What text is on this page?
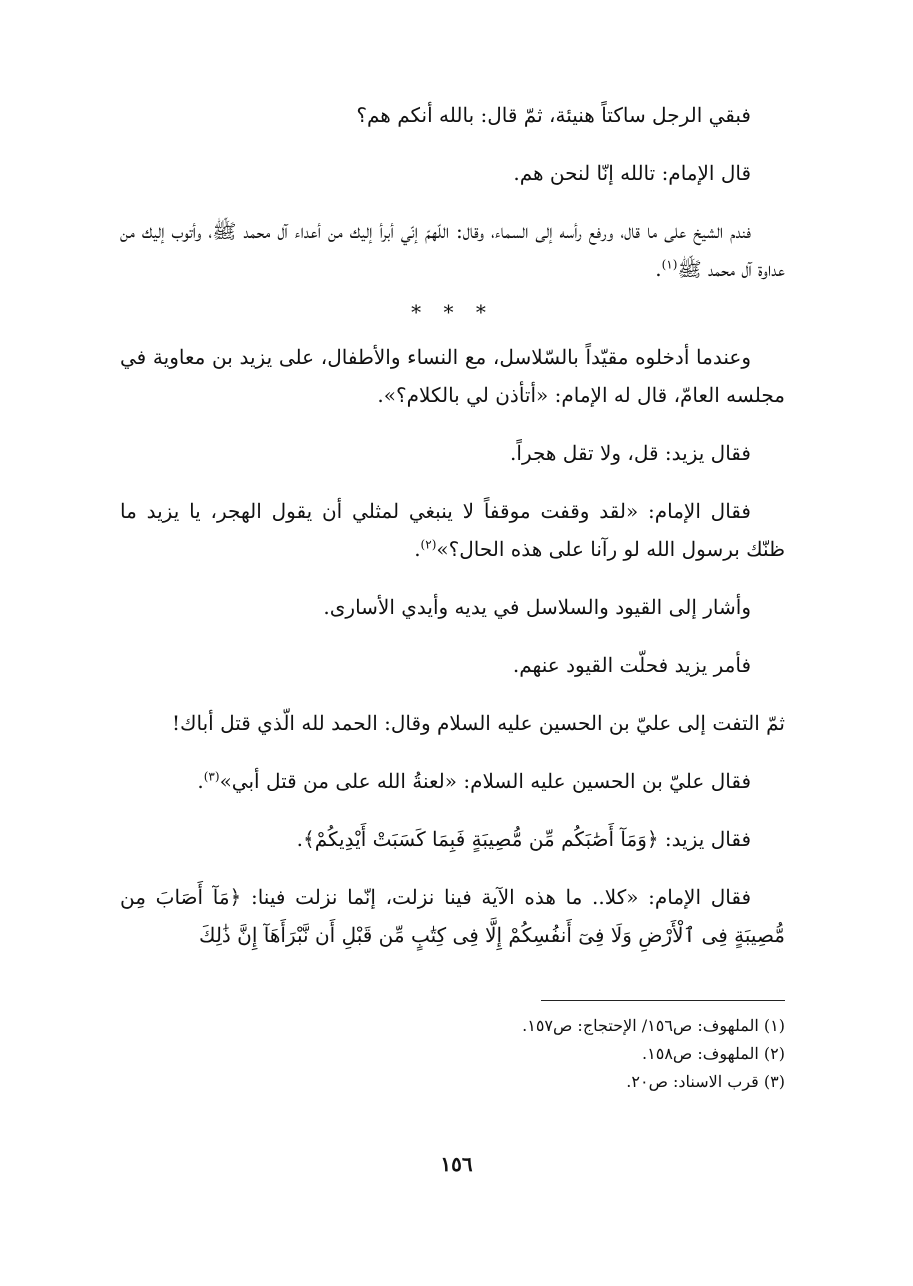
فبقي الرجل ساكتاً هنيئة، ثمّ قال: بالله أنكم هم؟

قال الإمام: تالله إنّا لنحن هم.

فندم الشيخ على ما قال، ورفع رأسه إلى السماء، وقال: اللّهمّ إنّي أبرأ إليك من أعداء آل محمد ﷺ، وأتوب إليك من عداوة آل محمد ﷺ$^{(١)}$.

* * *

وعندما أدخلوه مقيّداً بالسّلاسل، مع النساء والأطفال، على يزيد بن معاوية في مجلسه العامّ، قال له الإمام: «أتأذن لي بالكلام؟».

فقال يزيد: قل، ولا تقل هجراً.

فقال الإمام: «لقد وقفت موقفاً لا ينبغي لمثلي أن يقول الهجر، يا يزيد ما ظنّك برسول الله لو رآنا على هذه الحال؟»$^{(٢)}$.

وأشار إلى القيود والسلاسل في يديه وأيدي الأسارى.

فأمر يزيد فحلّت القيود عنهم.

ثمّ التفت إلى عليّ بن الحسين عليه السلام وقال: الحمد لله الّذي قتل أباك!

فقال عليّ بن الحسين عليه السلام: «لعنةُ الله على من قتل أبي»$^{(٣)}$.

فقال يزيد: ﴿وَمَآ أَصَٰبَكُم مِّن مُّصِيبَةٍ فَبِمَا كَسَبَتْ أَيْدِيكُمْ﴾.

فقال الإمام: «كلا.. ما هذه الآية فينا نزلت، إنّما نزلت فينا: ﴿مَآ أَصَابَ مِن مُّصِيبَةٍ فِى ٱلْأَرْضِ وَلَا فِىٓ أَنفُسِكُمْ إِلَّا فِى كِتَٰبٍ مِّن قَبْلِ أَن نَّبْرَأَهَآ إِنَّ ذَٰلِكَ

(١) الملهوف: ص١٥٦/ الإحتجاج: ص١٥٧.

(٢) الملهوف: ص١٥٨.

(٣) قرب الاسناد: ص٢٠.

١٥٦
